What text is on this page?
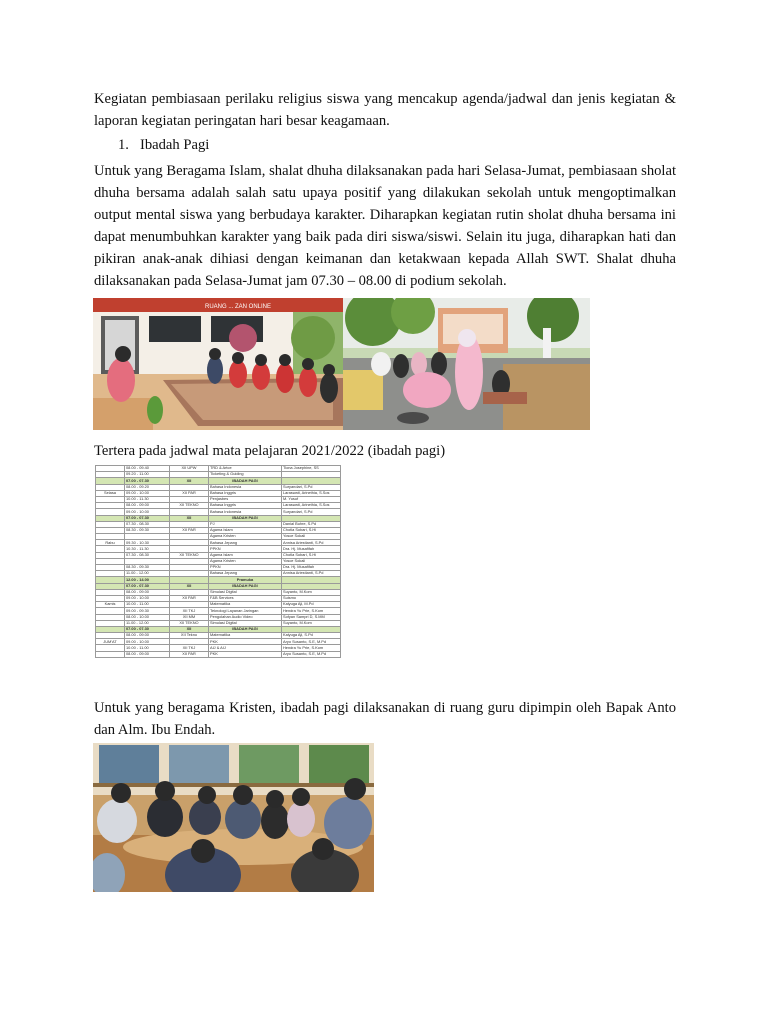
Kegiatan pembiasaan perilaku religius siswa yang mencakup agenda/jadwal dan jenis kegiatan & laporan kegiatan peringatan hari besar keagamaan.

1. Ibadah Pagi

Untuk yang Beragama Islam, shalat dhuha dilaksanakan pada hari Selasa-Jumat, pembiasaan sholat dhuha bersama adalah salah satu upaya positif yang dilakukan sekolah untuk mengoptimalkan output mental siswa yang berbudaya karakter. Diharapkan kegiatan rutin sholat dhuha bersama ini dapat menumbuhkan karakter yang baik pada diri siswa/siswi. Selain itu juga, diharapkan hati dan pikiran anak-anak dihiasi dengan keimanan dan ketakwaan kepada Allah SWT. Shalat dhuha dilaksanakan pada Selasa-Jumat jam 07.30 – 08.00 di podium sekolah.

RUANG ... ZAN ONLINE

Tertera pada jadwal mata pelajaran 2021/2022 (ibadah pagi)

	08.00 - 09.40	XII UPW	TRD & Artce	Tiona Josephine, SS
	09.20 - 11.00		Ticketing & Guiding	
	07.00 - 07.30	XII	IBADAH PAGI	
	08.00 - 09.20		Bahasa Indonesia	Suryandari, S.Pd
Selasa	09.00 - 10.00	XII PAR	Bahasa Inggris	Laraswati, Arinethia, S.Sos
	10.00 - 11.30		Penjasbes	M. Yusuf
	08.00 - 09.00	XII TEKNO	Bahasa Inggris	Laraswati, Arinethia, S.Sos
	09.00 - 10.00		Bahasa Indonesia	Suryandari, S.Pd
	07.00 - 07.30	XII	IBADAH PAGI	
	07.30 - 08.30		PJ	Danial Buhre, S.Pd
	08.30 - 09.30	XII PAR	Agama Islam	Chotla Sobari, S.Hi
			Agama Kristen	Yosce Sokali
Rabu	09.30 - 10.30		Bahasa Jepang	Annisa Ariestianti, S.Pd
	10.30 - 11.30		PPKN	Dra. Hj. Musafifah
	07.30 - 08.30	XII TEKNO	Agama Islam	Chotla Sobari, S.Hi
			Agama Kristen	Yosce Sokali
	08.30 - 09.30		PPKN	Dra. Hj. Musafifah
	11.00 - 12.00		Bahasa Jepang	Annisa Ariestianti, S.Pd
	12.00 - 14.00		Pramuka	
	07.00 - 07.30	XII	IBADAH PAGI	
	08.00 - 09.00		Simulasi Digital	Suyanto, M.Kom
	09.00 - 10.00	XII PAR	F&B Services	Suismo
Kamis	10.00 - 11.00		Matematika	Kalyuga Aji, M.Pd
	09.00 - 09.30	XII TKJ	Teknologi Layanan Jaringan	Hendra Yu Prie, S.Kom
	08.00 - 10.00	XII MM	Pengolahan Audio Video	Sofyan Sampri D, S.MM
	11.00 - 12.00	XII TEKNO	Simulasi Digital	Suyanto, M.Kom
	07.00 - 07.30	XII	IBADAH PAGI	
	08.00 - 09.00	XII Tekno	Matematika	Kalyuga Aji, S.Pd
JUM'AT	09.00 - 10.00		PKK	Aryo Susanto, S.E, M.Pd
	10.00 - 11.00	XII TKJ	AIJ & AIJ	Hendra Yu Prie, S.Kom
	08.00 - 09.00	XII PAR	PKK	Aryo Susanto, S.E, M.Pd

Untuk yang beragama Kristen, ibadah pagi dilaksanakan di ruang guru dipimpin oleh Bapak Anto dan Alm. Ibu Endah.
